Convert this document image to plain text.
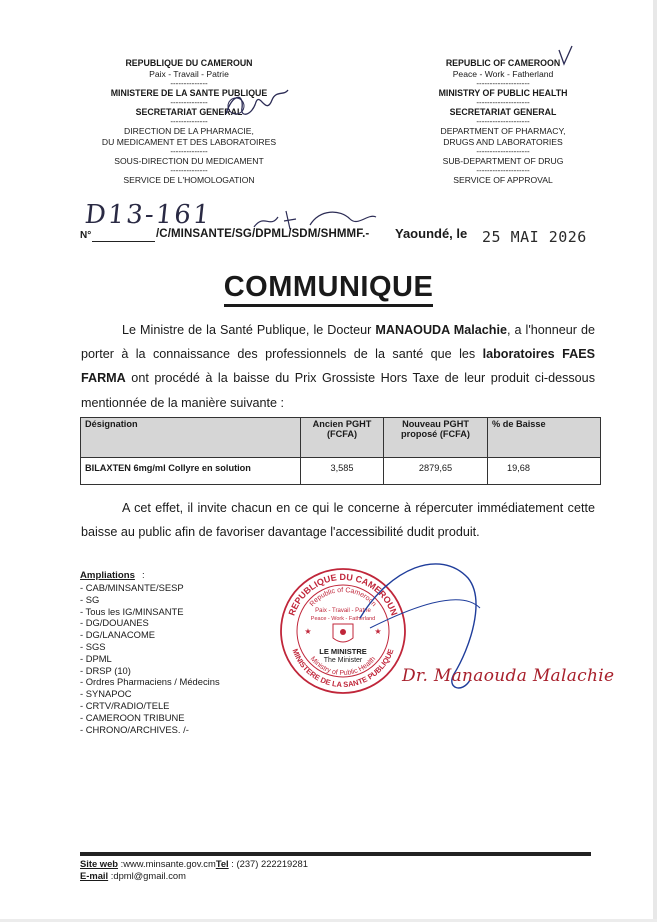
REPUBLIQUE DU CAMEROUN
Paix - Travail - Patrie
--------------
MINISTERE DE LA SANTE PUBLIQUE
--------------
SECRETARIAT GENERAL
--------------
DIRECTION DE LA PHARMACIE,
DU MEDICAMENT ET DES LABORATOIRES
--------------
SOUS-DIRECTION DU MEDICAMENT
--------------
SERVICE DE L'HOMOLOGATION
REPUBLIC OF CAMEROON
Peace - Work - Fatherland
--------------------
MINISTRY OF PUBLIC HEALTH
--------------------
SECRETARIAT GENERAL
--------------------
DEPARTMENT OF PHARMACY,
DRUGS AND LABORATORIES
--------------------
SUB-DEPARTMENT OF DRUG
--------------------
SERVICE OF APPROVAL
D13-161
N°	/C/MINSANTE/SG/DPML/SDM/SHMMF.- Yaoundé, le 25 MAI 2026
COMMUNIQUE
Le Ministre de la Santé Publique, le Docteur MANAOUDA Malachie, a l'honneur de porter à la connaissance des professionnels de la santé que les laboratoires FAES FARMA ont procédé à la baisse du Prix Grossiste Hors Taxe de leur produit ci-dessous mentionnée de la manière suivante :
Désignation	Ancien PGHT (FCFA)	Nouveau PGHT proposé (FCFA)	% de Baisse
BILAXTEN 6mg/ml Collyre en solution	3,585	2879,65	19,68
A cet effet, il invite chacun en ce qui le concerne à répercuter immédiatement cette baisse au public afin de favoriser davantage l'accessibilité dudit produit.
Ampliations :
- CAB/MINSANTE/SESP
- SG
- Tous les IG/MINSANTE
- DG/DOUANES
- DG/LANACOME
- SGS
- DPML
- DRSP (10)
- Ordres Pharmaciens / Médecins
- SYNAPOC
- CRTV/RADIO/TELE
- CAMEROON TRIBUNE
- CHRONO/ARCHIVES. /-
REPUBLIQUE DU CAMEROUN
Republic of Cameroon
MINISTERE DE LA SANTE PUBLIQUE
Ministry of Public Health
Paix - Travail - Patrie
Peace - Work - Fatherland
★	★
LE MINISTRE
The Minister
Dr. Manaouda Malachie
Site web :www.minsante.gov.cmTel : (237) 222219281
E-mail :dpml@gmail.com
